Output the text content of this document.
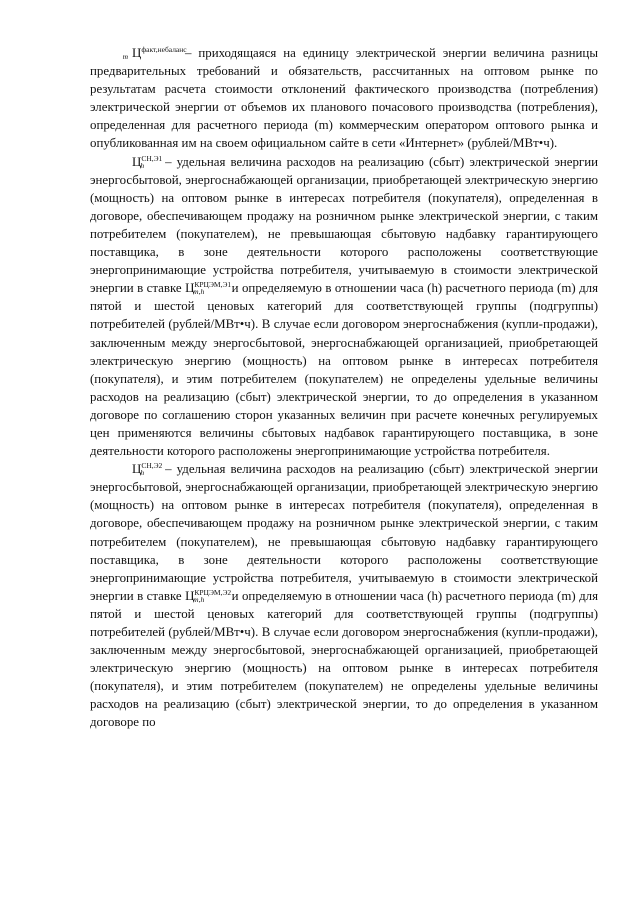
$Ц^{факт,небаланс}_m$	– приходящаяся на единицу электрической энергии величина разницы предварительных требований и обязательств, рассчитанных на оптовом рынке по результатам расчета стоимости отклонений фактического производства (потребления) электрической энергии от объемов их планового почасового производства (потребления), определенная для расчетного периода (m) коммерческим оператором оптового рынка и опубликованная им на своем официальном сайте в сети «Интернет» (рублей/МВт•ч).

$Ц^{СН,Э1}_h$ – удельная величина расходов на реализацию (сбыт) электрической энергии энергосбытовой, энергоснабжающей организации, приобретающей электрическую энергию (мощность) на оптовом рынке в интересах потребителя (покупателя), определенная в договоре, обеспечивающем продажу на розничном рынке электрической энергии, с таким потребителем (покупателем), не превышающая сбытовую надбавку гарантирующего поставщика, в зоне деятельности которого расположены соответствующие энергопринимающие устройства потребителя, учитываемую в стоимости электрической энергии в ставке $Ц^{КРЦЭМ,Э1}_{m,h}$ и определяемую в отношении часа (h) расчетного периода (m) для пятой и шестой ценовых категорий для соответствующей группы (подгруппы) потребителей (рублей/МВт•ч). В случае если договором энергоснабжения (купли-продажи), заключенным между энергосбытовой, энергоснабжающей организацией, приобретающей электрическую энергию (мощность) на оптовом рынке в интересах потребителя (покупателя), и этим потребителем (покупателем) не определены удельные величины расходов на реализацию (сбыт) электрической энергии, то до определения в указанном договоре по соглашению сторон указанных величин при расчете конечных регулируемых цен применяются величины сбытовых надбавок гарантирующего поставщика, в зоне деятельности которого расположены энергопринимающие устройства потребителя.

$Ц^{СН,Э2}_h$ – удельная величина расходов на реализацию (сбыт) электрической энергии энергосбытовой, энергоснабжающей организации, приобретающей электрическую энергию (мощность) на оптовом рынке в интересах потребителя (покупателя), определенная в договоре, обеспечивающем продажу на розничном рынке электрической энергии, с таким потребителем (покупателем), не превышающая сбытовую надбавку гарантирующего поставщика, в зоне деятельности которого расположены соответствующие энергопринимающие устройства потребителя, учитываемую в стоимости электрической энергии в ставке $Ц^{КРЦЭМ,Э2}_{m,h}$ и определяемую в отношении часа (h) расчетного периода (m) для пятой и шестой ценовых категорий для соответствующей группы (подгруппы) потребителей (рублей/МВт•ч). В случае если договором энергоснабжения (купли-продажи), заключенным между энергосбытовой, энергоснабжающей организацией, приобретающей электрическую энергию (мощность) на оптовом рынке в интересах потребителя (покупателя), и этим потребителем (покупателем) не определены удельные величины расходов на реализацию (сбыт) электрической энергии, то до определения в указанном договоре по
